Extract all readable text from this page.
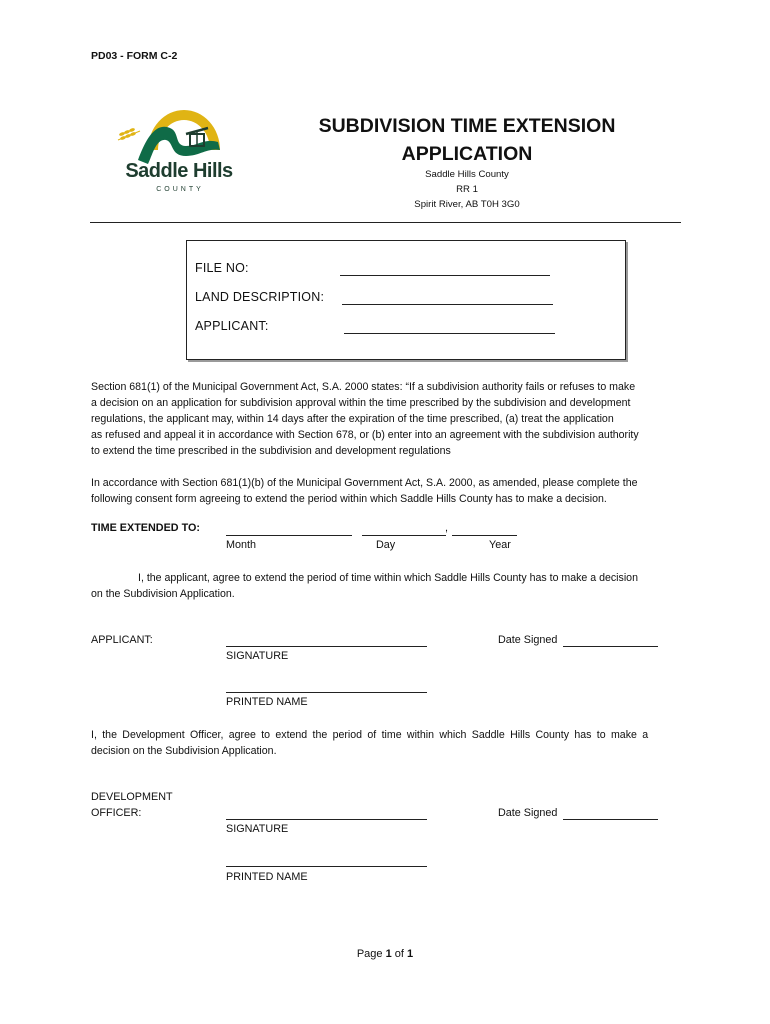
PD03 - FORM C-2
Saddle Hills
COUNTY
SUBDIVISION TIME EXTENSION
APPLICATION
Saddle Hills County
RR 1
Spirit River, AB T0H 3G0
FILE NO:
LAND DESCRIPTION:
APPLICANT:
Section 681(1) of the Municipal Government Act, S.A. 2000 states: “If a subdivision authority fails or refuses to make
a decision on an application for subdivision approval within the time prescribed by the subdivision and development
regulations, the applicant may, within 14 days after the expiration of the time prescribed, (a) treat the application
as refused and appeal it in accordance with Section 678, or (b) enter into an agreement with the subdivision authority
to extend the time prescribed in the subdivision and development regulations
In accordance with Section 681(1)(b) of the Municipal Government Act, S.A. 2000, as amended, please complete the
following consent form agreeing to extend the period within which Saddle Hills County has to make a decision.
TIME EXTENDED TO:	,
Month	Day	Year
I, the applicant, agree to extend the period of time within which Saddle Hills County has to make a decision
on the Subdivision Application.
APPLICANT:
SIGNATURE
Date Signed
PRINTED NAME
I, the Development Officer, agree to extend the period of time within which Saddle Hills County has to make a
decision on the Subdivision Application.
DEVELOPMENT
OFFICER:
SIGNATURE
Date Signed
PRINTED NAME
Page 1 of 1
